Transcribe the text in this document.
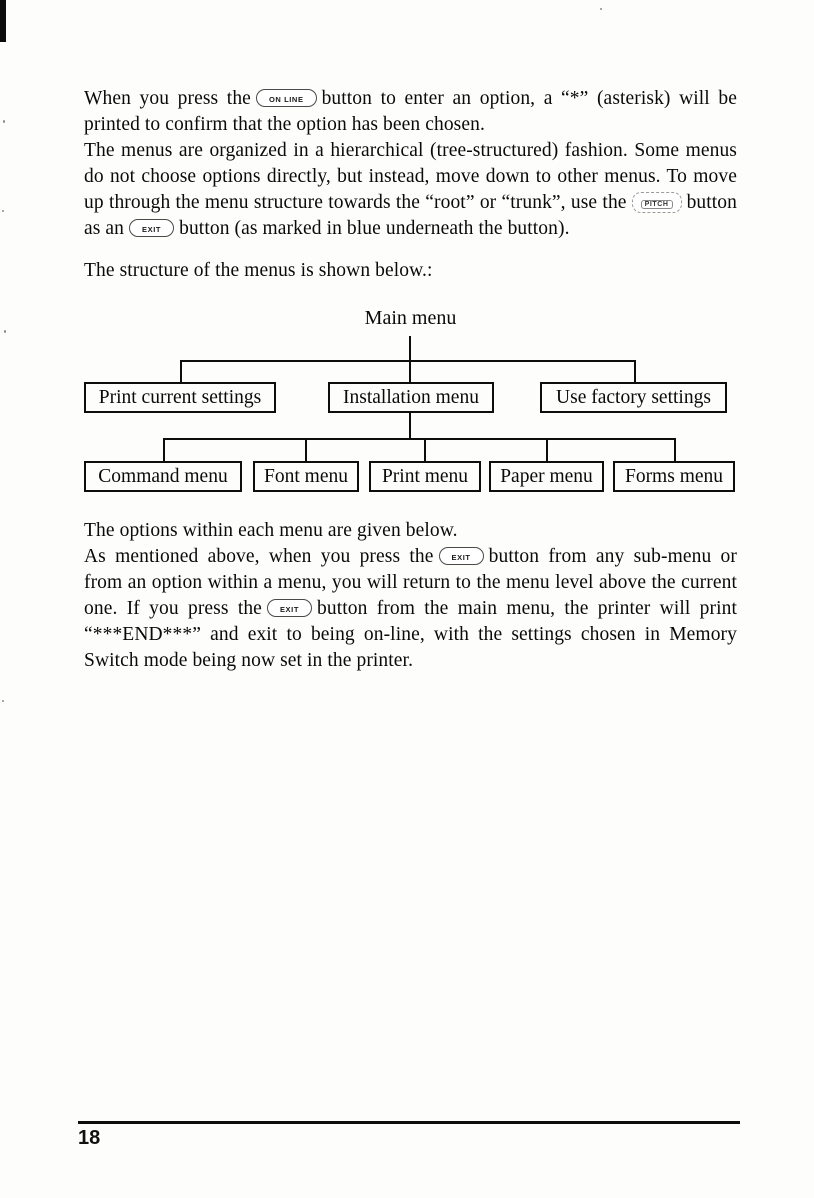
When you press the ON LINE button to enter an option, a “*” (asterisk) will be printed to confirm that the option has been chosen.

The menus are organized in a hierarchical (tree-structured) fashion. Some menus do not choose options directly, but instead, move down to other menus. To move up through the menu structure towards the “root” or “trunk”, use the	PITCH button as an EXIT button (as marked in blue underneath the button).

The structure of the menus is shown below.:

Main menu
Print current settings	Installation menu	Use factory settings
Command menu	Font menu	Print menu	Paper menu	Forms menu

The options within each menu are given below.

As mentioned above, when you press the EXIT button from any sub-menu or from an option within a menu, you will return to the menu level above the current one. If you press the EXIT button from the main menu, the printer will print “***END***” and exit to being on-line, with the settings chosen in Memory Switch mode being now set in the printer.

18
